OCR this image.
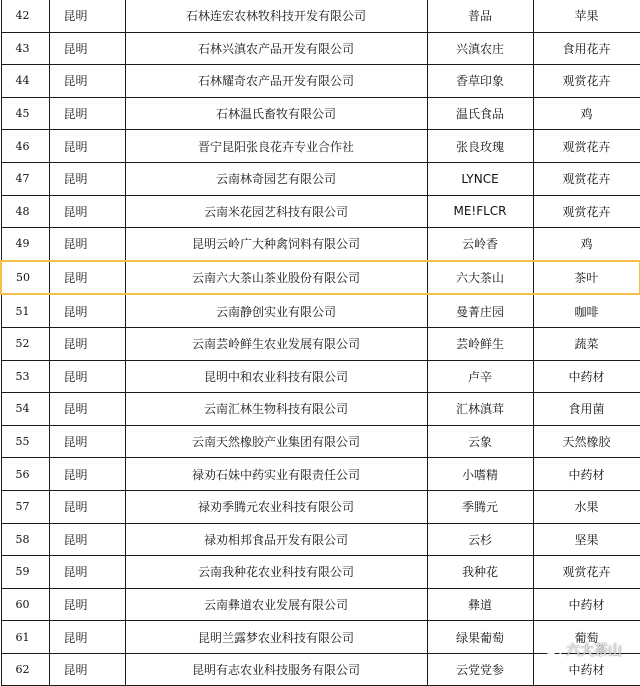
42	昆明	石林连宏农林牧科技开发有限公司	普品	苹果
43	昆明	石林兴滇农产品开发有限公司	兴滇农庄	食用花卉
44	昆明	石林耀奇农产品开发有限公司	香草印象	观赏花卉
45	昆明	石林温氏畜牧有限公司	温氏食品	鸡
46	昆明	晋宁昆阳张良花卉专业合作社	张良玫瑰	观赏花卉
47	昆明	云南林奇园艺有限公司	LYNCE	观赏花卉
48	昆明	云南米花园艺科技有限公司	ME!FLCR	观赏花卉
49	昆明	昆明云岭广大种禽饲料有限公司	云岭香	鸡
50	昆明	云南六大茶山茶业股份有限公司	六大茶山	茶叶
51	昆明	云南静创实业有限公司	曼菁庄园	咖啡
52	昆明	云南芸岭鲜生农业发展有限公司	芸岭鲜生	蔬菜
53	昆明	昆明中和农业科技有限公司	卢辛	中药材
54	昆明	云南汇林生物科技有限公司	汇林滇茸	食用菌
55	昆明	云南天然橡胶产业集团有限公司	云象	天然橡胶
56	昆明	禄劝石妹中药实业有限责任公司	小嗜精	中药材
57	昆明	禄劝季腾元农业科技有限公司	季腾元	水果
58	昆明	禄劝相邦食品开发有限公司	云杉	坚果
59	昆明	云南我种花农业科技有限公司	我种花	观赏花卉
60	昆明	云南彝道农业发展有限公司	彝道	中药材
61	昆明	昆明兰露梦农业科技有限公司	绿果葡萄	葡萄
62	昆明	昆明有志农业科技服务有限公司	云党党参	中药材
六大茶山
